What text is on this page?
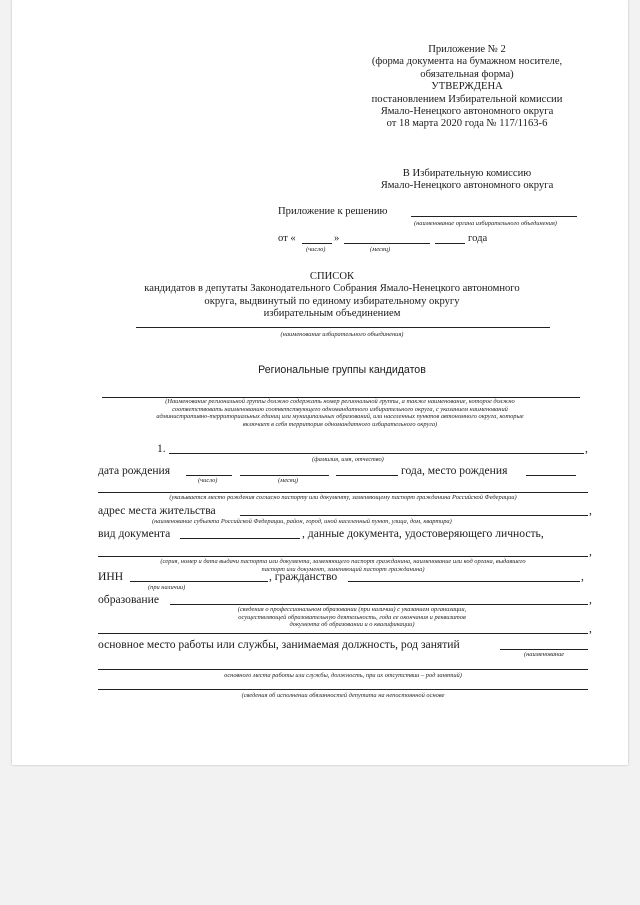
Приложение № 2
(форма документа на бумажном носителе,
обязательная форма)
УТВЕРЖДЕНА
постановлением Избирательной комиссии
Ямало-Ненецкого автономного округа
от 18 марта 2020 года № 117/1163-6
В Избирательную комиссию
Ямало-Ненецкого автономного округа
Приложение к решению
(наименование органа избирательного объединения)
от «	»	года
(число)	(месяц)
СПИСОК
кандидатов в депутаты Законодательного Собрания Ямало-Ненецкого автономного
округа, выдвинутый по единому избирательному округу
избирательным объединением
(наименование избирательного объединения)
Региональные группы кандидатов
(Наименование региональной группы должно содержать номер региональной группы, а также наименование, которое должно
соответствовать наименованию соответствующего одномандатного избирательного округа, с указанием наименований
административно-территориальных единиц или муниципальных образований, или населенных пунктов автономного округа, которые
включает в себя территория одномандатного избирательного округа)
1.	,
(фамилия, имя, отчество)
дата рождения	года, место рождения
(число)	(месяц)
(указывается место рождения согласно паспорту или документу, заменяющему паспорт гражданина Российской Федерации)
адрес места жительства	,
(наименование субъекта Российской Федерации, район, город, иной населенный пункт, улица, дом, квартира)
вид документа	, данные документа, удостоверяющего личность,
,
(серия, номер и дата выдачи паспорта или документа, заменяющего паспорт гражданина, наименование или код органа, выдавшего
паспорт или документ, заменяющий паспорт гражданина)
ИНН	, гражданство	,
(при наличии)
образование	,
(сведения о профессиональном образовании (при наличии) с указанием организации,
осуществляющей образовательную деятельность, года ее окончания и реквизитов
документа об образовании и о квалификации)	,
основное место работы или службы, занимаемая должность, род занятий
(наименование
основного места работы или службы, должность, при их отсутствии – род занятий)
(сведения об исполнении обязанностей депутата на непостоянной основе
